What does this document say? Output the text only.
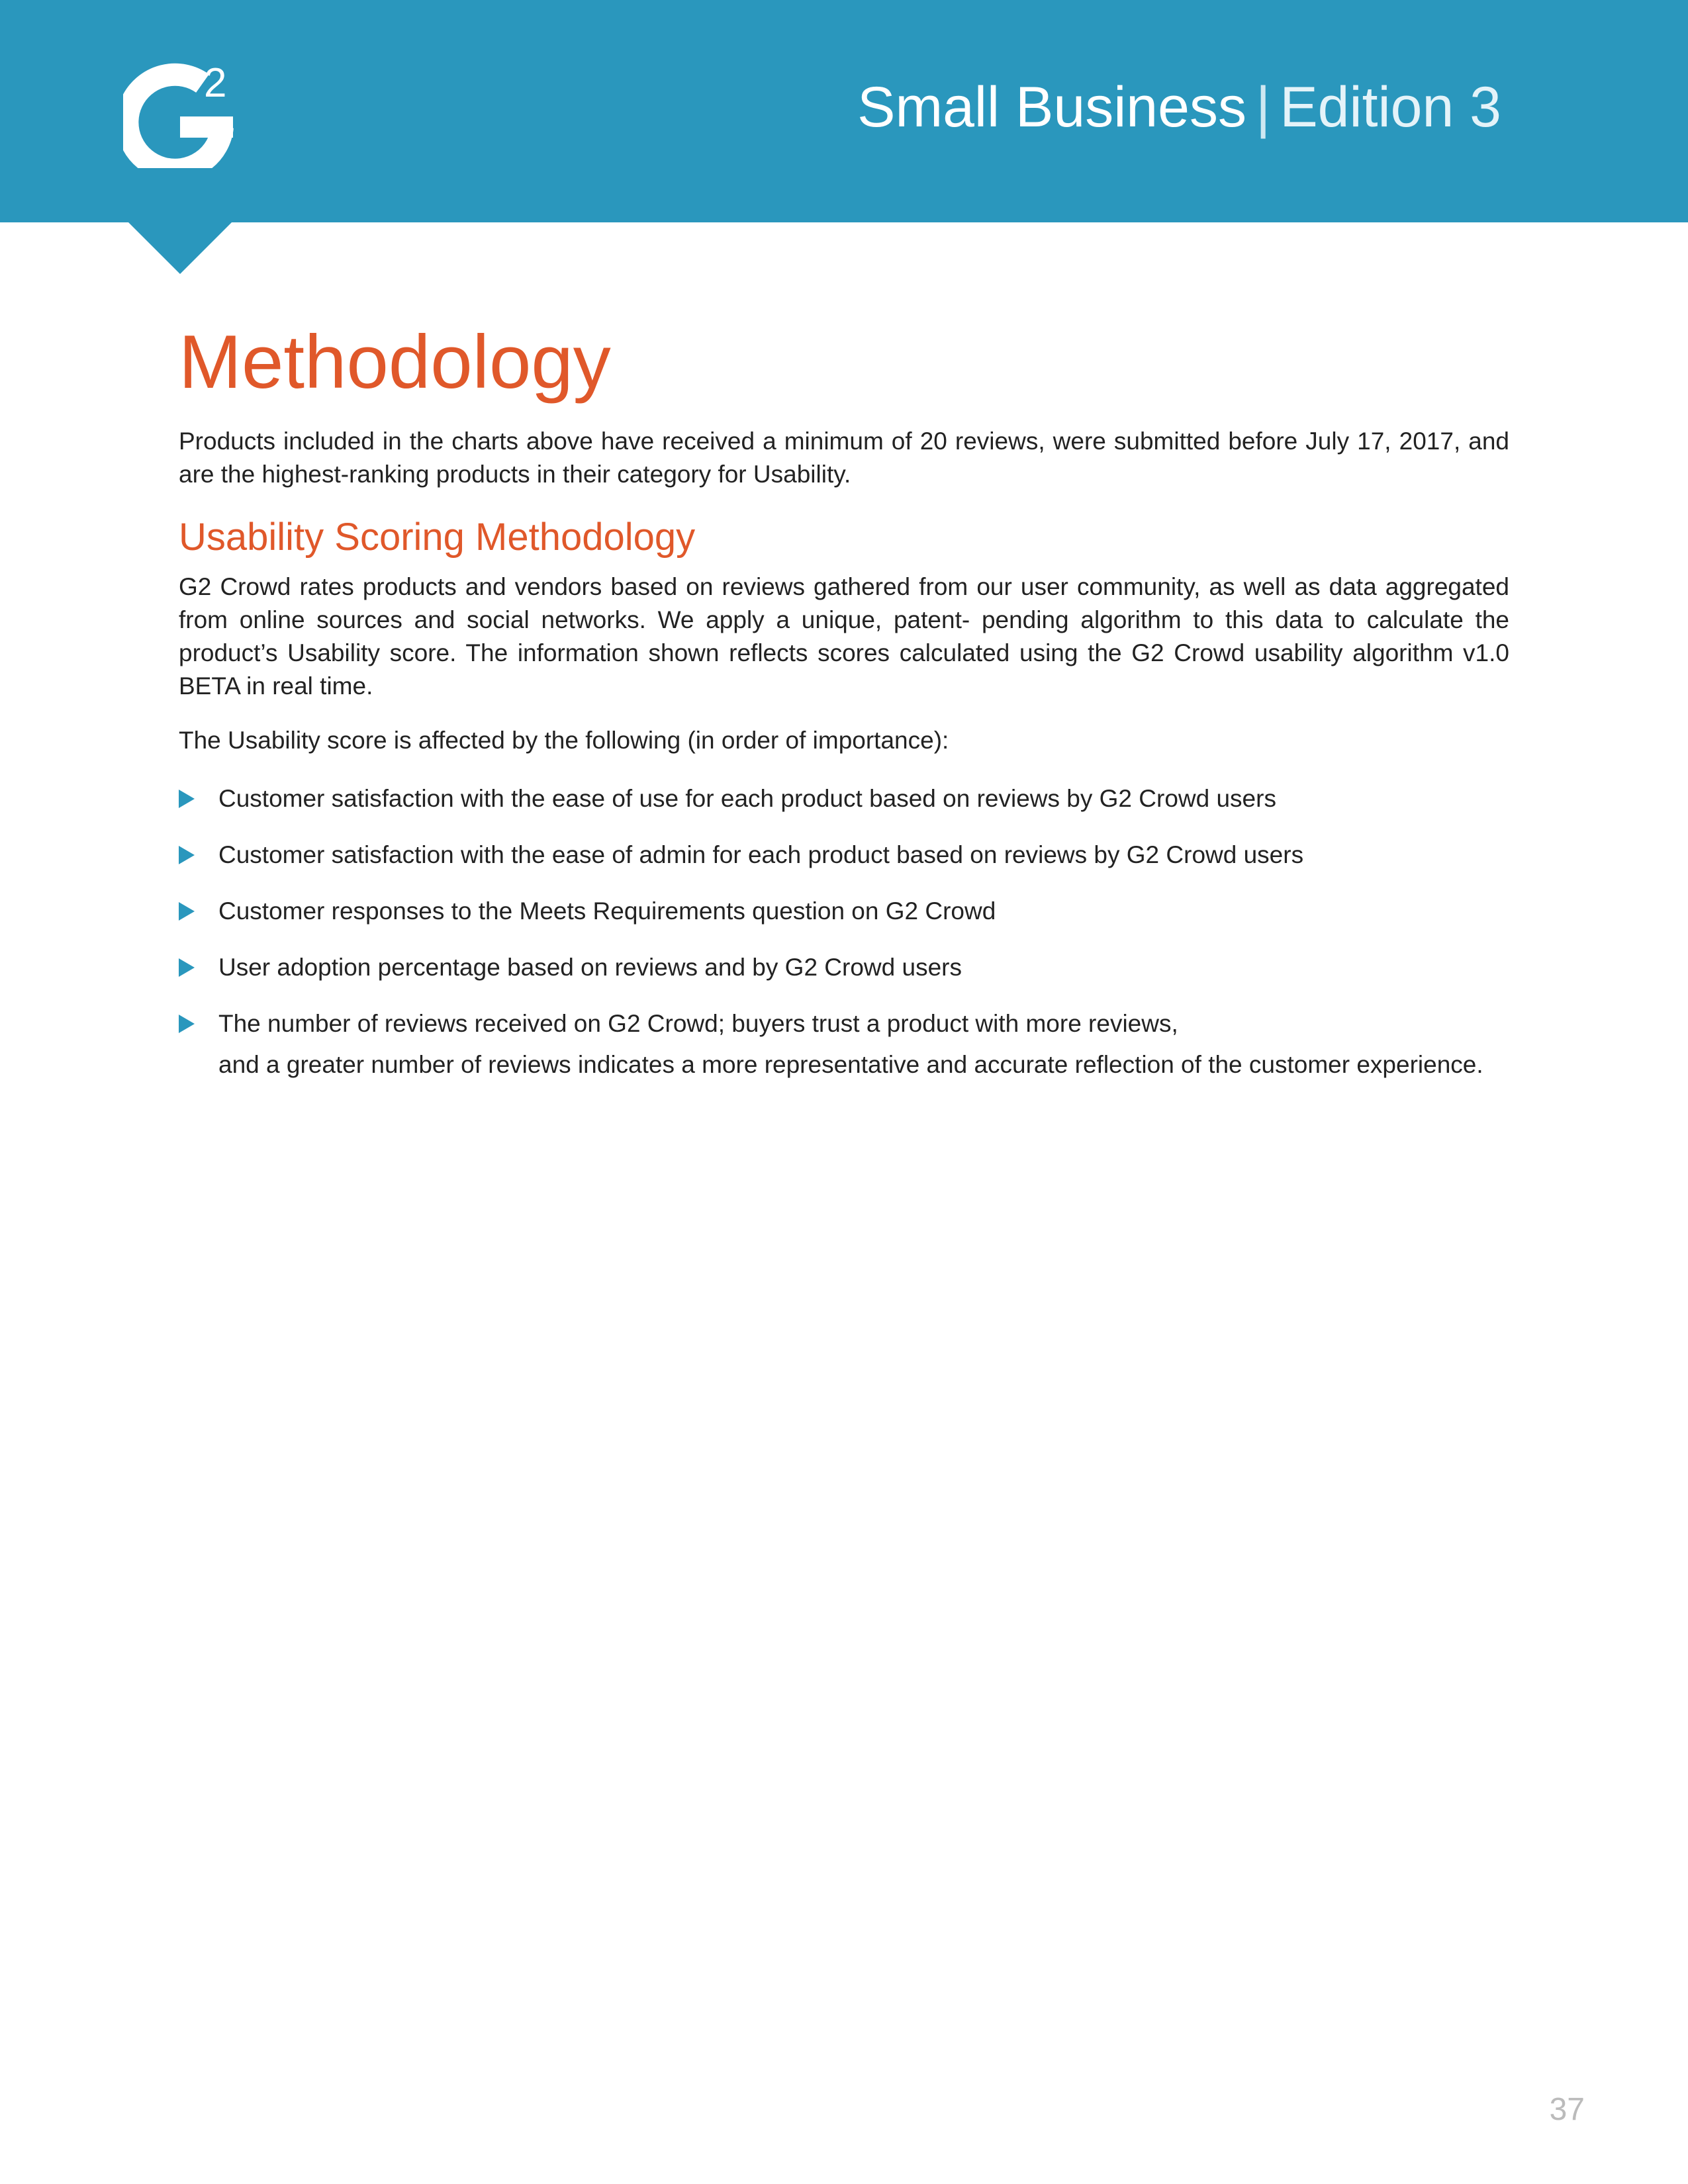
2	Small Business | Edition 3
Methodology

Products included in the charts above have received a minimum of 20 reviews, were submitted before July 17, 2017, and are the highest-ranking products in their category for Usability.

Usability Scoring Methodology

G2 Crowd rates products and vendors based on reviews gathered from our user community, as well as data aggregated from online sources and social networks. We apply a unique, patent- pending algorithm to this data to calculate the product’s Usability score. The information shown reflects scores calculated using the G2 Crowd usability algorithm v1.0 BETA in real time.

The Usability score is affected by the following (in order of importance):

Customer satisfaction with the ease of use for each product based on reviews by G2 Crowd users
Customer satisfaction with the ease of admin for each product based on reviews by G2 Crowd users
Customer responses to the Meets Requirements question on G2 Crowd
User adoption percentage based on reviews and by G2 Crowd users
The number of reviews received on G2 Crowd; buyers trust a product with more reviews,
and a greater number of reviews indicates a more representative and accurate reflection of the customer experience.
37
